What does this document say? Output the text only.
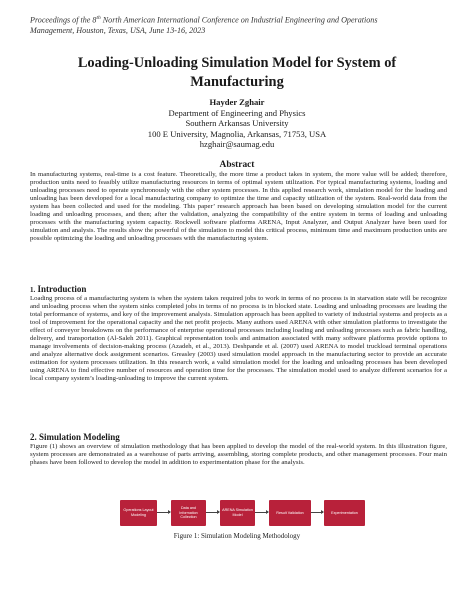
Proceedings of the 8th North American International Conference on Industrial Engineering and Operations
Management, Houston, Texas, USA, June 13-16, 2023
Loading-Unloading Simulation Model for System of
Manufacturing
Hayder Zghair
Department of Engineering and Physics
Southern Arkansas University
100 E University, Magnolia, Arkansas, 71753, USA
hzghair@saumag.edu
Abstract
In manufacturing systems, real-time is a cost feature. Theoretically, the more time a product takes in system, the more value will be added; therefore, production units need to feasibly utilize manufacturing resources in terms of optimal system utilization. For typical manufacturing systems, loading and unloading processes need to operate synchronously with the other system processes. In this applied research work, simulation model for the loading and unloading has been developed for a local manufacturing company to optimize the time and capacity utilization of the system. Real-world data from the system has been collected and used for the modeling. This paper’ research approach has been based on developing simulation model for the current loading and unloading processes, and then; after the validation, analyzing the compatibility of the entire system in terms of loading and unloading processes with the manufacturing system capacity. Rockwell software platforms ARENA, Input Analyzer, and Output Analyzer have been used for simulation and analysis. The results show the powerful of the simulation to model this critical process, minimum time and maximum production units are possible optimizing the loading and unloading processes with the manufacturing system.
1. Introduction
Loading process of a manufacturing system is when the system takes required jobs to work in terms of no process is in starvation state will be recognize and unloading process when the system sinks completed jobs in terms of no process is in blocked state. Loading and unloading processes are leading the total performance of systems, and key of the improvement analysis. Simulation approach has been applied to variety of industrial systems and projects as a tool of improvement for the operational capacity and the net profit projects. Many authors used ARENA with other simulation platforms to investigate the effect of conveyor breakdowns on the performance of enterprise operational processes including loading and unloading processes such as fabric handling, delivery, and transportation (Al-Saleh 2011). Graphical representation tools and animation associated with many software platforms provide options to manage involvements of decision-making process (Azadeh, et al., 2013). Deshpande et al. (2007) used ARENA to model truckload terminal operations and analyze alternative dock assignment scenarios. Greasley (2003) used simulation model approach in the manufacturing sector to provide an accurate estimation for system processes utilization. In this research work, a valid simulation model for the loading and unloading processes has been developed using ARENA to find effective number of resources and operation time for the processes. The simulation model used to analyze different scenarios for a local company system’s loading-unloading to improve the current system.
2. Simulation Modeling
Figure (1) shows an overview of simulation methodology that has been applied to develop the model of the real-world system. In this illustration figure, system processes are demonstrated as a warehouse of parts arriving, assembling, storing complete products, and other management processes. Four main phases have been followed to develop the model in addition to experimentation phase for the analysis.
Operations Layout Modeling
Data and Information Collection
ARENA Simulation Model
Result Validation	Experimentation
Figure 1: Simulation Modeling Methodology
